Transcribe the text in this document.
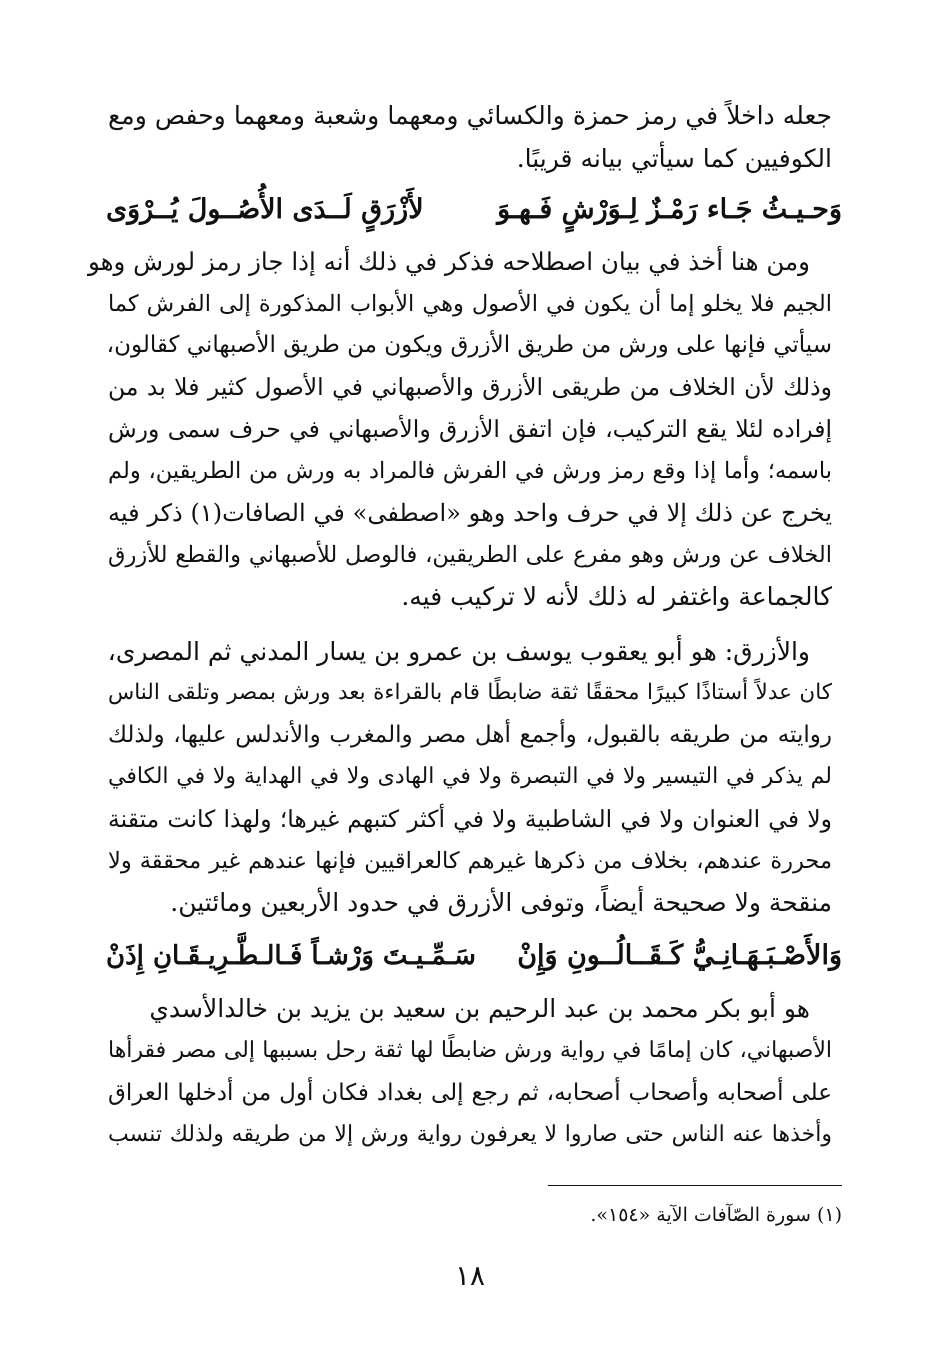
جعله داخلاً في رمز حمزة والكسائي ومعهما وشعبة ومعهما وحفص ومع
الكوفيين كما سيأتي بيانه قريبًا.
وَحـيـثُ جَـاء رَمْـزٌ لِـوَرْشٍ فَـهـوَ
لأَزْرَقٍ لَــدَى الأُصُــولَ يُــرْوَى
ومن هنا أخذ في بيان اصطلاحه فذكر في ذلك أنه إذا جاز رمز لورش وهو
الجيم فلا يخلو إما أن يكون في الأصول وهي الأبواب المذكورة إلى الفرش كما
سيأتي فإنها على ورش من طريق الأزرق ويكون من طريق الأصبهاني كقالون،
وذلك لأن الخلاف من طريقى الأزرق والأصبهاني في الأصول كثير فلا بد من
إفراده لئلا يقع التركيب، فإن اتفق الأزرق والأصبهاني في حرف سمى ورش
باسمه؛ وأما إذا وقع رمز ورش في الفرش فالمراد به ورش من الطريقين، ولم
يخرج عن ذلك إلا في حرف واحد وهو «اصطفى» في الصافات(١) ذكر فيه
الخلاف عن ورش وهو مفرع على الطريقين، فالوصل للأصبهاني والقطع للأزرق
كالجماعة واغتفر له ذلك لأنه لا تركيب فيه.
والأزرق: هو أبو يعقوب يوسف بن عمرو بن يسار المدني ثم المصرى،
كان عدلاً أستاذًا كبيرًا محققًا ثقة ضابطًا قام بالقراءة بعد ورش بمصر وتلقى الناس
روايته من طريقه بالقبول، وأجمع أهل مصر والمغرب والأندلس عليها، ولذلك
لم يذكر في التيسير ولا في التبصرة ولا في الهادى ولا في الهداية ولا في الكافي
ولا في العنوان ولا في الشاطبية ولا في أكثر كتبهم غيرها؛ ولهذا كانت متقنة
محررة عندهم، بخلاف من ذكرها غيرهم كالعراقيين فإنها عندهم غير محققة ولا
منقحة ولا صحيحة أيضاً، وتوفى الأزرق في حدود الأربعين ومائتين.
وَالأَصْـبَـهَـانِـيُّ كَـقَــالُــونِ وَإِنْ
سَـمِّـيـتَ وَرْشـاً فَـالـطَّـرِيـقَـانِ إِذَنْ
هو أبو بكر محمد بن عبد الرحيم بن سعيد بن يزيد بن خالدالأسدي
الأصبهاني، كان إمامًا في رواية ورش ضابطًا لها ثقة رحل بسببها إلى مصر فقرأها
على أصحابه وأصحاب أصحابه، ثم رجع إلى بغداد فكان أول من أدخلها العراق
وأخذها عنه الناس حتى صاروا لا يعرفون رواية ورش إلا من طريقه ولذلك تنسب
(١) سورة الصّآفات الآية «١٥٤».
١٨
